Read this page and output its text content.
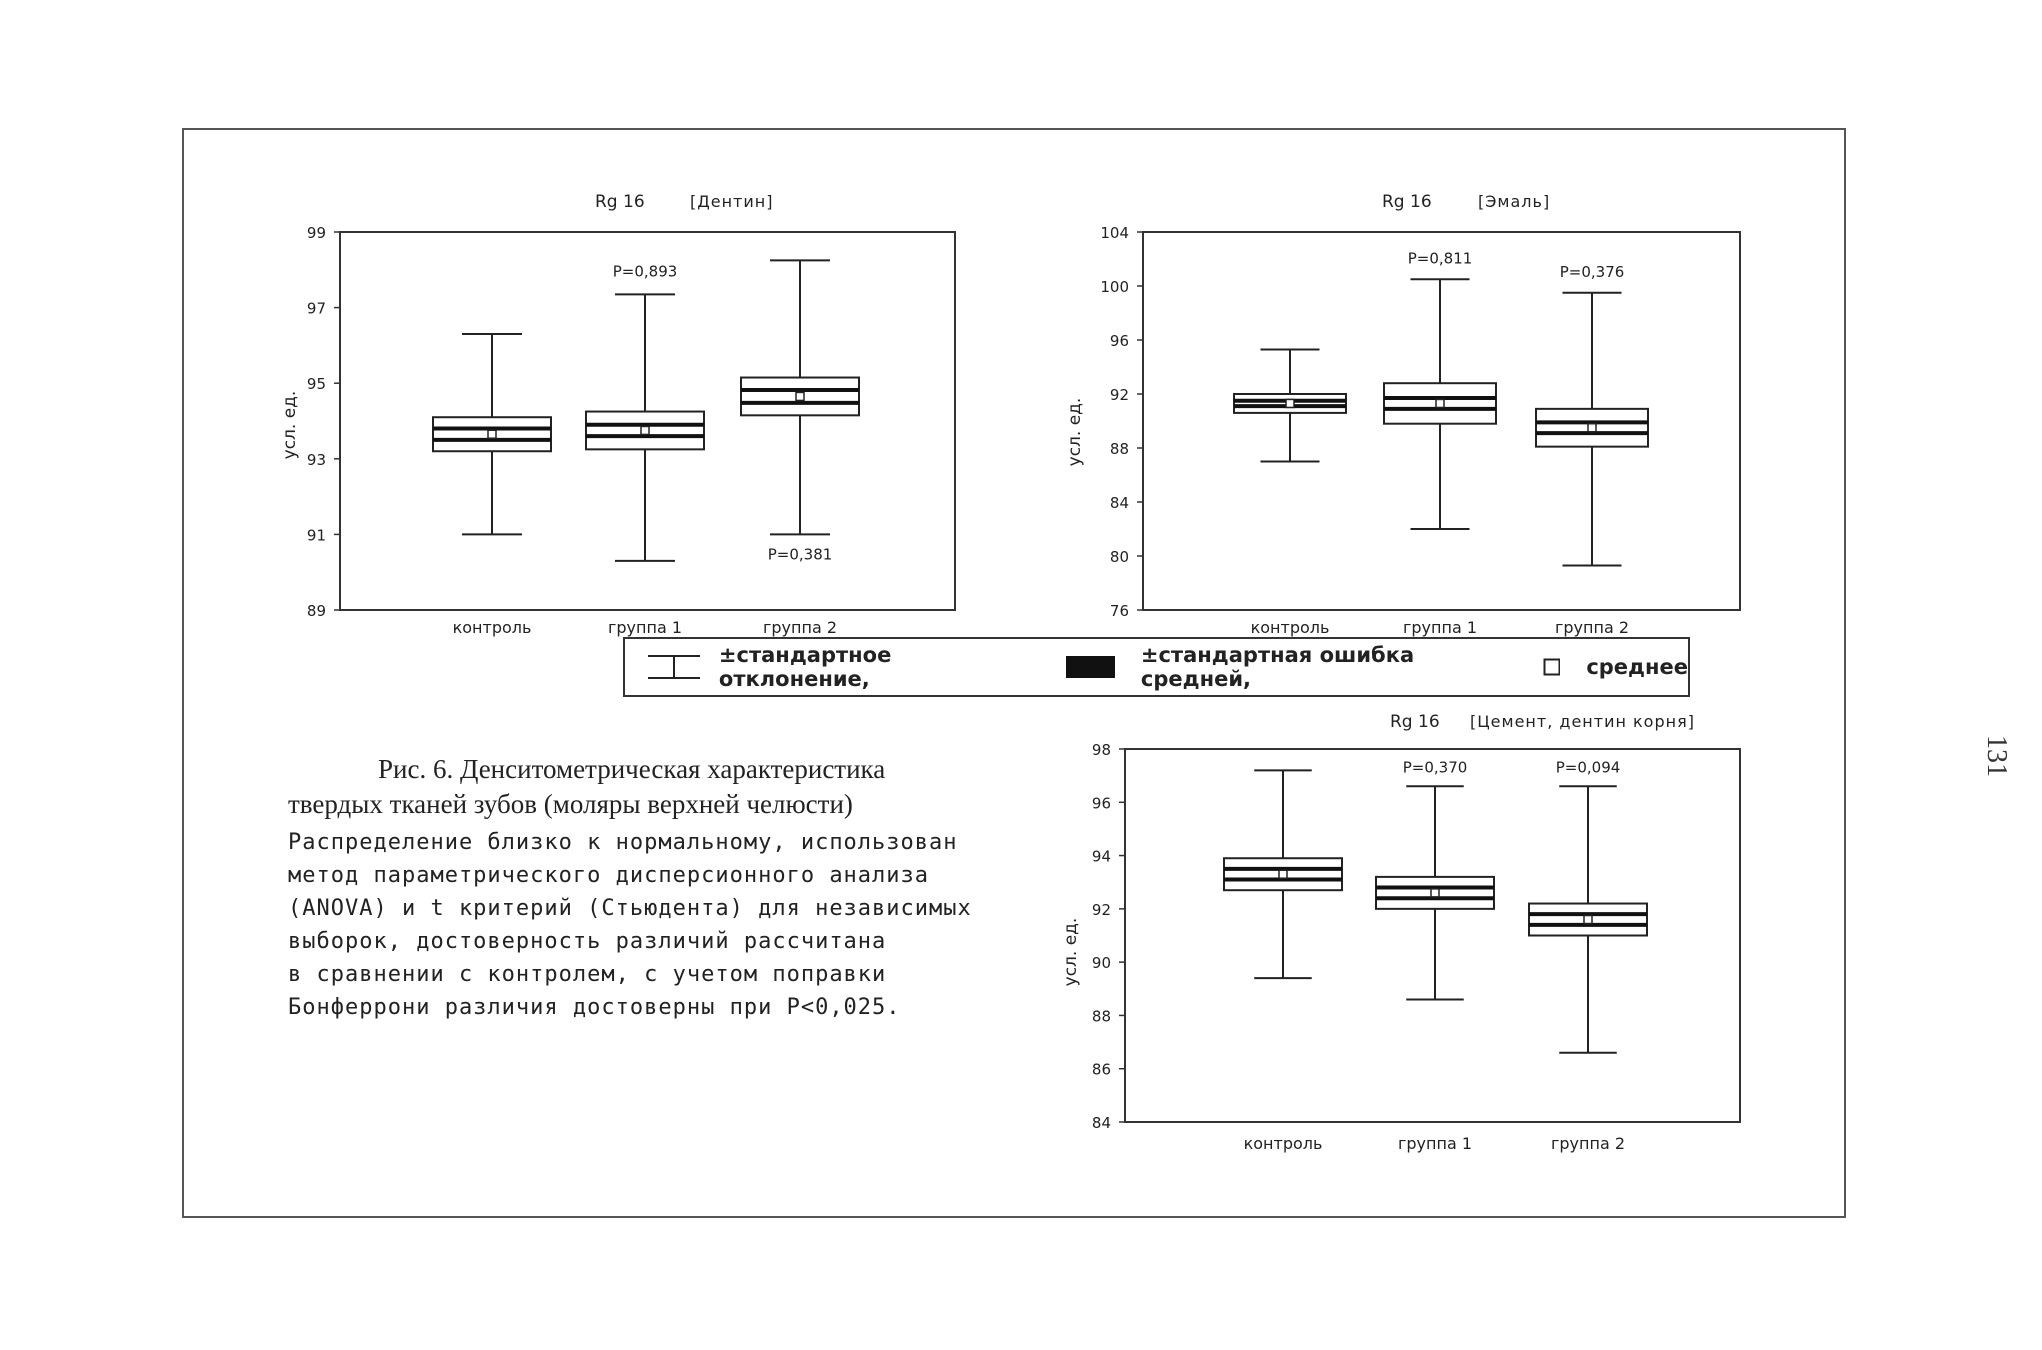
Rg 16	[Дентин]
усл. ед.
89
91
93
95
97
99
контроль	группа 1	группа 2
P=0,893
P=0,381
Rg 16	[Эмаль]
усл. ед.
76
80
84
88
92
96
100
104
контроль	группа 1	группа 2
P=0,811
P=0,376
Rg 16 [Цемент, дентин корня]
усл. ед.
84
86
88
90
92
94
96
98
контроль	группа 1	группа 2
P=0,370	P=0,094
±стандартное отклонение,
±стандартная ошибка средней,	среднее

Рис. 6. Денситометрическая характеристика
твердых тканей зубов (моляры верхней челюсти)

Распределение близко к нормальному, использован
метод параметрического дисперсионного анализа
(ANOVA) и t критерий (Стьюдента) для независимых
выборок, достоверность различий рассчитана
в сравнении с контролем, с учетом поправки
Бонферрони различия достоверны при P<0,025.

131
